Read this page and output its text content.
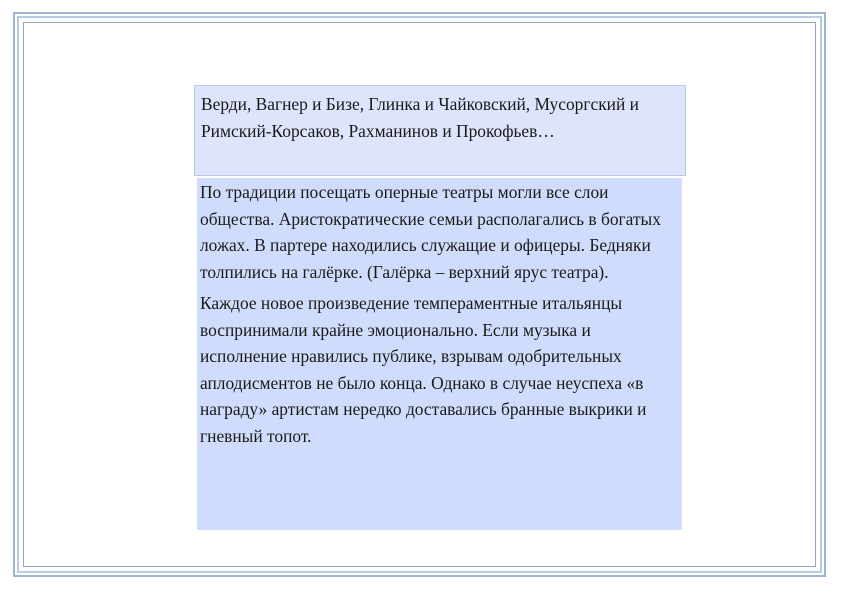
Верди, Вагнер и Бизе, Глинка и Чайковский, Мусоргский и Римский-Корсаков, Рахманинов и Прокофьев…

По традиции посещать оперные театры могли все слои общества. Аристократические семьи располагались в богатых ложах. В партере находились служащие и офицеры. Бедняки толпились на галёрке. (Галёрка – верхний ярус театра).

Каждое новое произведение темпераментные итальянцы воспринимали крайне эмоционально. Если музыка и исполнение нравились публике, взрывам одобрительных аплодисментов не было конца. Однако в случае неуспеха «в награду» артистам нередко доставались бранные выкрики и гневный топот.
